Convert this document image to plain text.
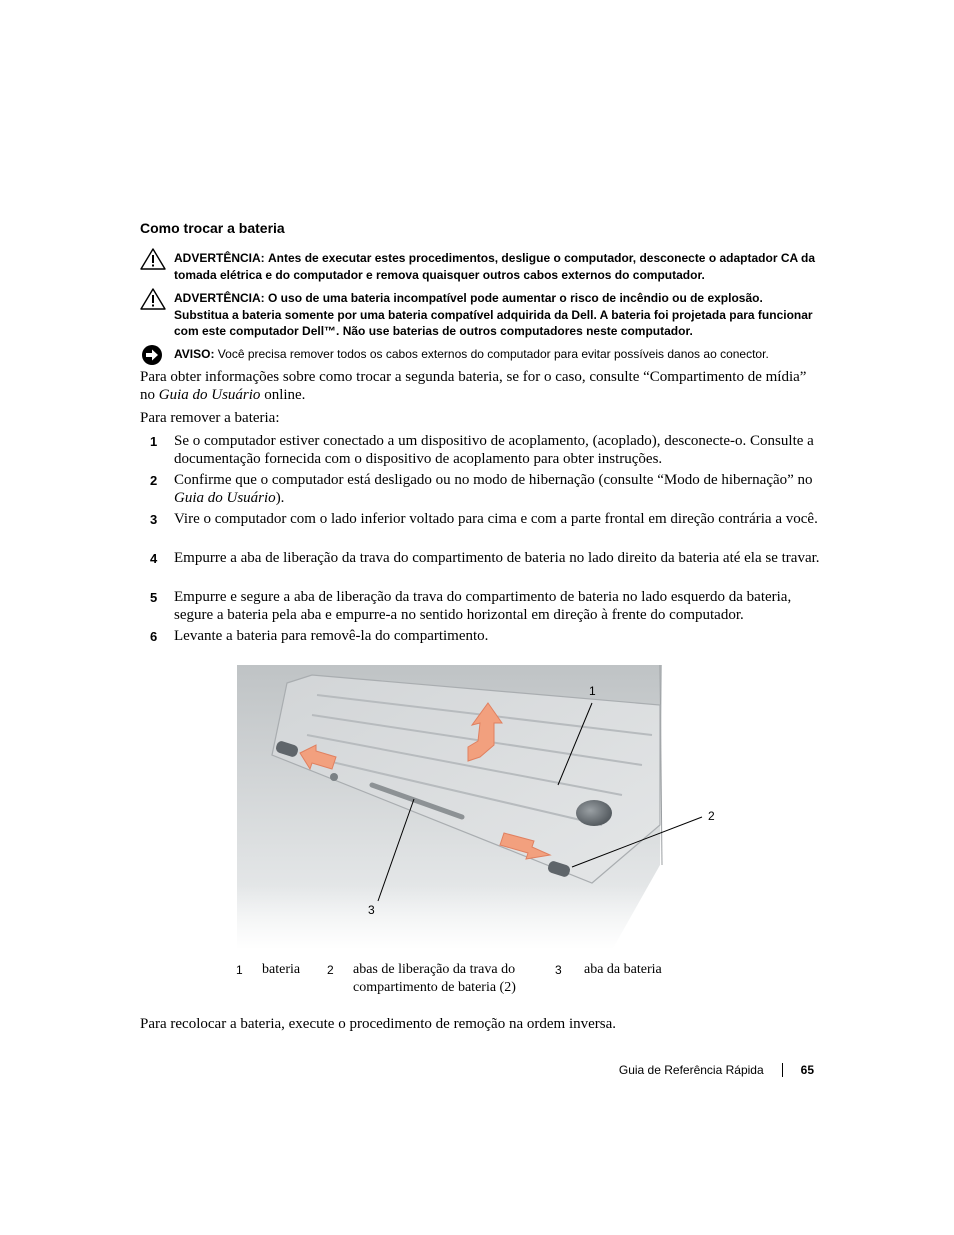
Como trocar a bateria
ADVERTÊNCIA: Antes de executar estes procedimentos, desligue o computador, desconecte o adaptador CA da tomada elétrica e do computador e remova quaisquer outros cabos externos do computador.
ADVERTÊNCIA: O uso de uma bateria incompatível pode aumentar o risco de incêndio ou de explosão. Substitua a bateria somente por uma bateria compatível adquirida da Dell. A bateria foi projetada para funcionar com este computador Dell™. Não use baterias de outros computadores neste computador.
AVISO: Você precisa remover todos os cabos externos do computador para evitar possíveis danos ao conector.
Para obter informações sobre como trocar a segunda bateria, se for o caso, consulte “Compartimento de mídia” no Guia do Usuário online.
Para remover a bateria:
1 Se o computador estiver conectado a um dispositivo de acoplamento, (acoplado), desconecte-o. Consulte a documentação fornecida com o dispositivo de acoplamento para obter instruções.
2 Confirme que o computador está desligado ou no modo de hibernação (consulte “Modo de hibernação” no Guia do Usuário).
3 Vire o computador com o lado inferior voltado para cima e com a parte frontal em direção contrária a você.
4 Empurre a aba de liberação da trava do compartimento de bateria no lado direito da bateria até ela se travar.
5 Empurre e segure a aba de liberação da trava do compartimento de bateria no lado esquerdo da bateria, segure a bateria pela aba e empurre-a no sentido horizontal em direção à frente do computador.
6 Levante a bateria para removê-la do compartimento.
1
2
3
1 bateria 2 abas de liberação da trava do compartimento de bateria (2)
3 aba da bateria
Para recolocar a bateria, execute o procedimento de remoção na ordem inversa.
Guia de Referência Rápida	65
